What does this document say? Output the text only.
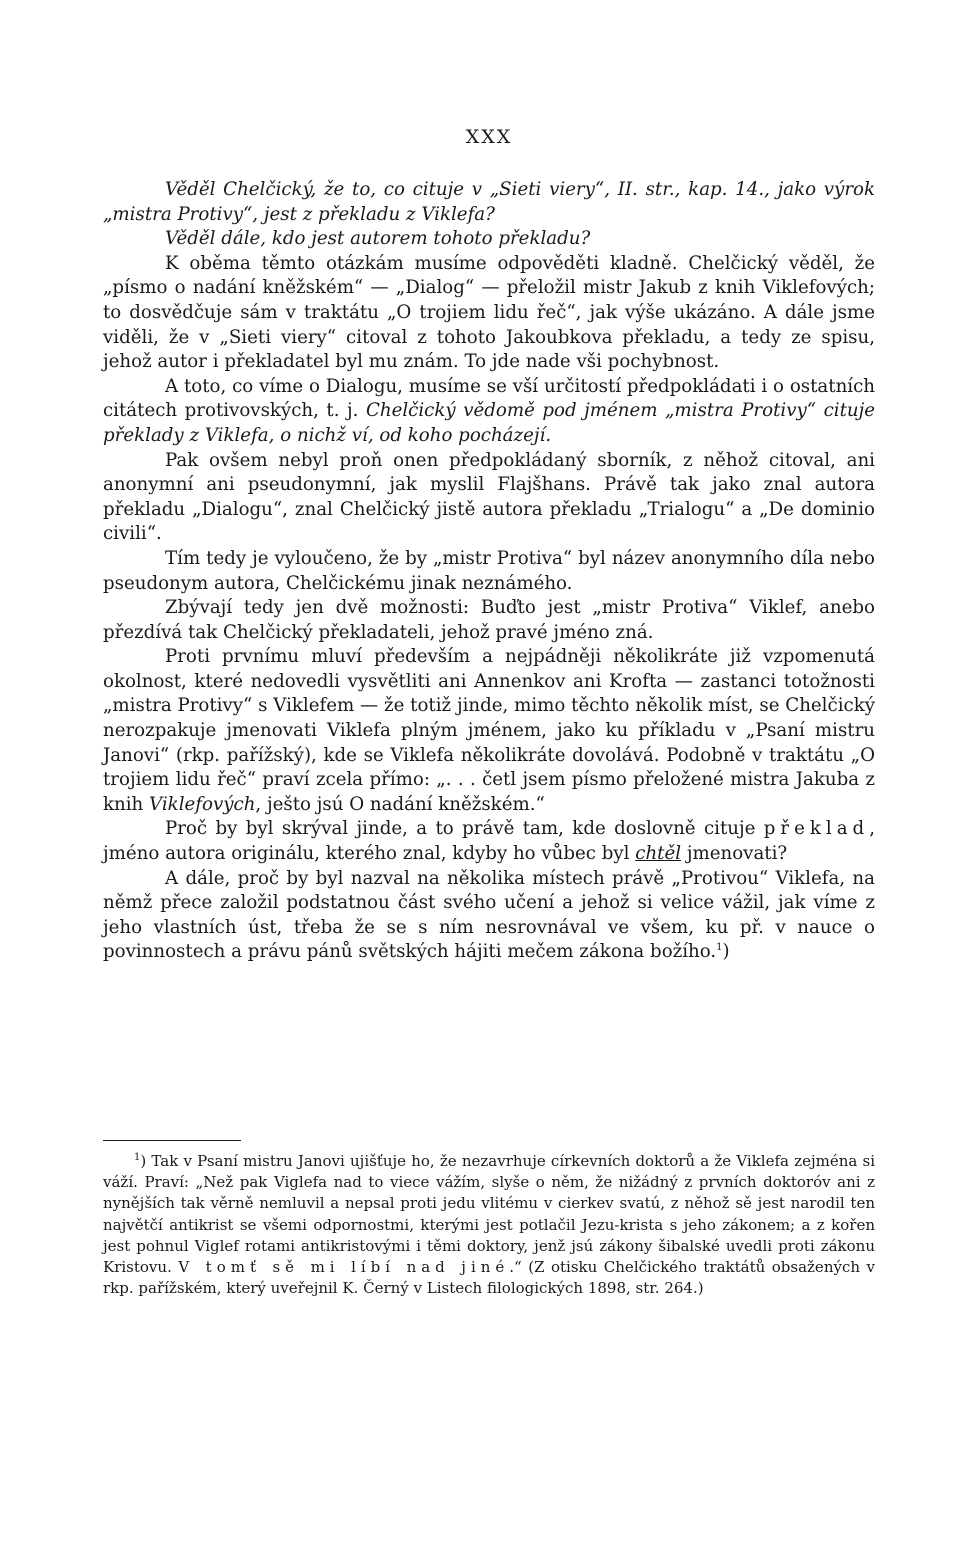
XXX

Věděl Chelčický, že to, co cituje v „Sieti viery“, II. str., kap. 14., jako výrok „mistra Protivy“, jest z překladu z Viklefa?

Věděl dále, kdo jest autorem tohoto překladu?

K oběma těmto otázkám musíme odpověděti kladně. Chelčický věděl, že „písmo o nadání kněžském“ — „Dialog“ — přeložil mistr Jakub z knih Viklefových; to dosvědčuje sám v traktátu „O trojiem lidu řeč“, jak výše ukázáno. A dále jsme viděli, že v „Sieti viery“ citoval z tohoto Jakoubkova překladu, a tedy ze spisu, jehož autor i překladatel byl mu znám. To jde nade vši pochybnost.

A toto, co víme o Dialogu, musíme se vší určitostí předpokládati i o ostatních citátech protivovských, t. j. Chelčický vědomě pod jménem „mistra Protivy“ cituje překlady z Viklefa, o nichž ví, od koho pocházejí.

Pak ovšem nebyl proň onen předpokládaný sborník, z něhož citoval, ani anonymní ani pseudonymní, jak myslil Flajšhans. Právě tak jako znal autora překladu „Dialogu“, znal Chelčický jistě autora překladu „Trialogu“ a „De dominio civili“.

Tím tedy je vyloučeno, že by „mistr Protiva“ byl název anonymního díla nebo pseudonym autora, Chelčickému jinak neznámého.

Zbývají tedy jen dvě možnosti: Buďto jest „mistr Protiva“ Viklef, anebo přezdívá tak Chelčický překladateli, jehož pravé jméno zná.

Proti prvnímu mluví především a nejpádněji několikráte již vzpomenutá okolnost, které nedovedli vysvětliti ani Annenkov ani Krofta — zastanci totožnosti „mistra Protivy“ s Viklefem — že totiž jinde, mimo těchto několik míst, se Chelčický nerozpakuje jmenovati Viklefa plným jménem, jako ku příkladu v „Psaní mistru Janovi“ (rkp. pařížský), kde se Viklefa několikráte dovolává. Podobně v traktátu „O trojiem lidu řeč“ praví zcela přímo: „. . . četl jsem písmo přeložené mistra Jakuba z knih Viklefových, ješto jsú O nadání kněžském.“

Proč by byl skrýval jinde, a to právě tam, kde doslovně cituje překlad, jméno autora originálu, kterého znal, kdyby ho vůbec byl chtěl jmenovati?

A dále, proč by byl nazval na několika místech právě „Protivou“ Viklefa, na němž přece založil podstatnou část svého učení a jehož si velice vážil, jak víme z jeho vlastních úst, třeba že se s ním nesrovnával ve všem, ku př. v nauce o povinnostech a právu pánů světských hájiti mečem zákona božího.$^1$)

$^1$) Tak v Psaní mistru Janovi ujišťuje ho, že nezavrhuje církevních doktorů a že Viklefa zejména si váží. Praví: „Než pak Viglefa nad to viece vážím, slyše o něm, že nižádný z prvních doktoróv ani z nynějších tak věrně nemluvil a nepsal proti jedu vlitému v cierkev svatú, z něhož sě jest narodil ten najvětčí antikrist se všemi odpornostmi, kterými jest potlačil Jezu-krista s jeho zákonem; a z kořen jest pohnul Viglef rotami antikristovými i těmi doktory, jenž jsú zákony šibalské uvedli proti zákonu Kristovu. V tomť sě mi líbí nad jiné.“ (Z otisku Chelčického traktátů obsažených v rkp. pařížském, který uveřejnil K. Černý v Listech filologických 1898, str. 264.)
